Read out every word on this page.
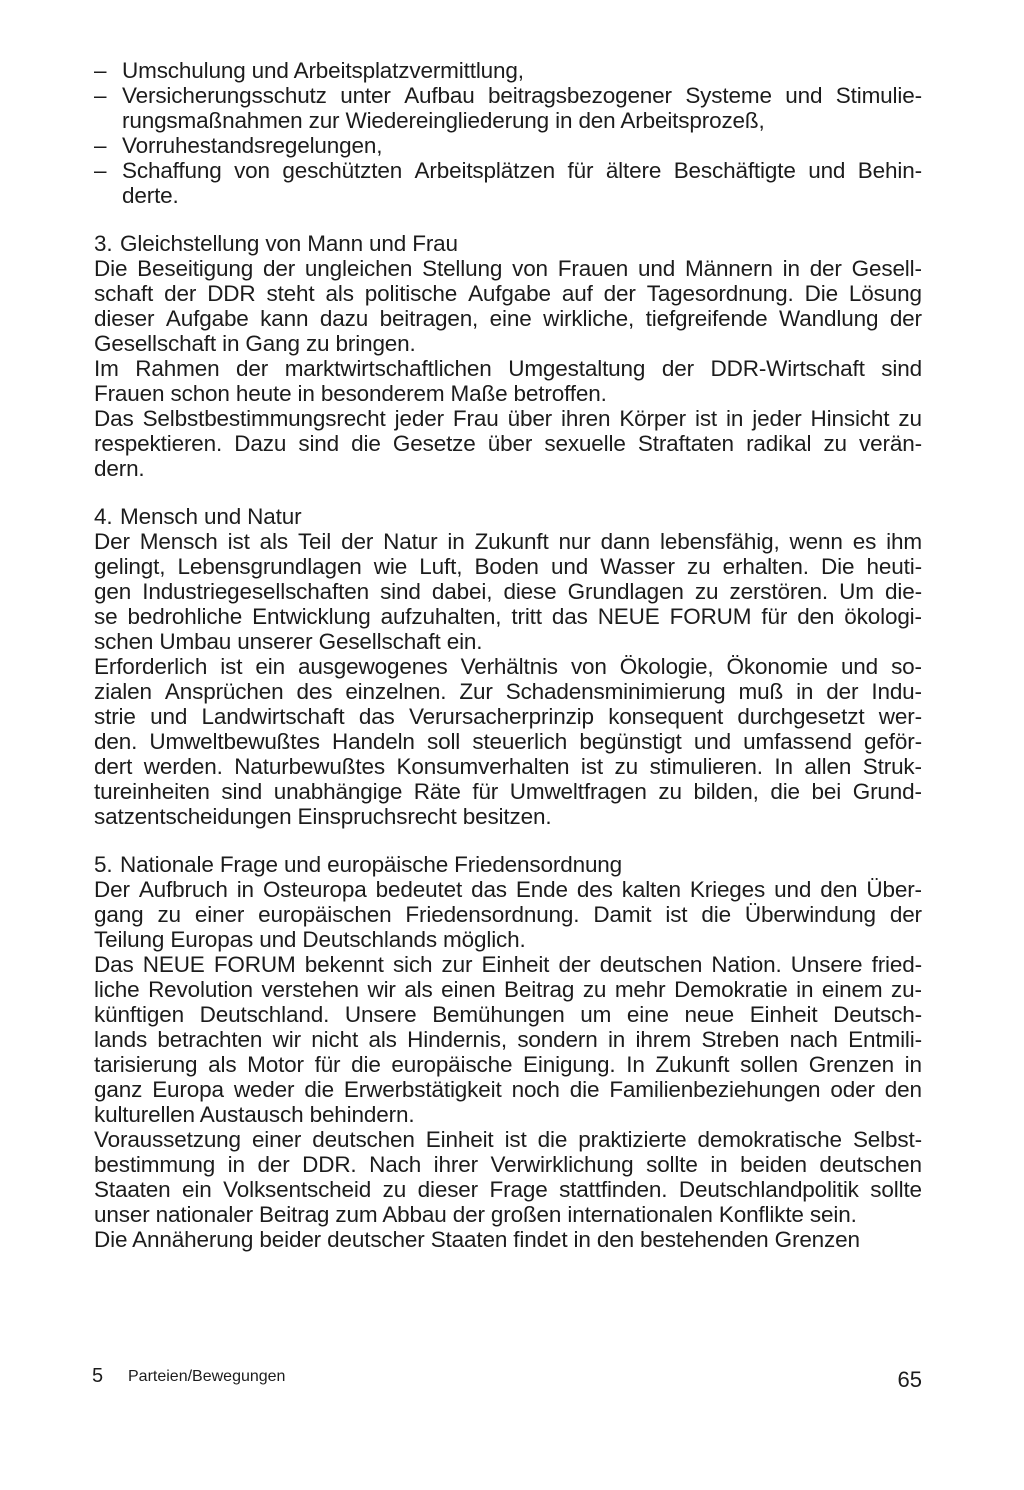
– Umschulung und Arbeitsplatzvermittlung,
– Versicherungsschutz unter Aufbau beitragsbezogener Systeme und Stimulie-
rungsmaßnahmen zur Wiedereingliederung in den Arbeitsprozeß,
– Vorruhestandsregelungen,
– Schaffung von geschützten Arbeitsplätzen für ältere Beschäftigte und Behin-
derte.
3. Gleichstellung von Mann und Frau
Die Beseitigung der ungleichen Stellung von Frauen und Männern in der Gesell-
schaft der DDR steht als politische Aufgabe auf der Tagesordnung. Die Lösung
dieser Aufgabe kann dazu beitragen, eine wirkliche, tiefgreifende Wandlung der
Gesellschaft in Gang zu bringen.
Im Rahmen der marktwirtschaftlichen Umgestaltung der DDR-Wirtschaft sind
Frauen schon heute in besonderem Maße betroffen.
Das Selbstbestimmungsrecht jeder Frau über ihren Körper ist in jeder Hinsicht zu
respektieren. Dazu sind die Gesetze über sexuelle Straftaten radikal zu verän-
dern.
4. Mensch und Natur
Der Mensch ist als Teil der Natur in Zukunft nur dann lebensfähig, wenn es ihm
gelingt, Lebensgrundlagen wie Luft, Boden und Wasser zu erhalten. Die heuti-
gen Industriegesellschaften sind dabei, diese Grundlagen zu zerstören. Um die-
se bedrohliche Entwicklung aufzuhalten, tritt das NEUE FORUM für den ökologi-
schen Umbau unserer Gesellschaft ein.
Erforderlich ist ein ausgewogenes Verhältnis von Ökologie, Ökonomie und so-
zialen Ansprüchen des einzelnen. Zur Schadensminimierung muß in der Indu-
strie und Landwirtschaft das Verursacherprinzip konsequent durchgesetzt wer-
den. Umweltbewußtes Handeln soll steuerlich begünstigt und umfassend geför-
dert werden. Naturbewußtes Konsumverhalten ist zu stimulieren. In allen Struk-
tureinheiten sind unabhängige Räte für Umweltfragen zu bilden, die bei Grund-
satzentscheidungen Einspruchsrecht besitzen.
5. Nationale Frage und europäische Friedensordnung
Der Aufbruch in Osteuropa bedeutet das Ende des kalten Krieges und den Über-
gang zu einer europäischen Friedensordnung. Damit ist die Überwindung der
Teilung Europas und Deutschlands möglich.
Das NEUE FORUM bekennt sich zur Einheit der deutschen Nation. Unsere fried-
liche Revolution verstehen wir als einen Beitrag zu mehr Demokratie in einem zu-
künftigen Deutschland. Unsere Bemühungen um eine neue Einheit Deutsch-
lands betrachten wir nicht als Hindernis, sondern in ihrem Streben nach Entmili-
tarisierung als Motor für die europäische Einigung. In Zukunft sollen Grenzen in
ganz Europa weder die Erwerbstätigkeit noch die Familienbeziehungen oder den
kulturellen Austausch behindern.
Voraussetzung einer deutschen Einheit ist die praktizierte demokratische Selbst-
bestimmung in der DDR. Nach ihrer Verwirklichung sollte in beiden deutschen
Staaten ein Volksentscheid zu dieser Frage stattfinden. Deutschlandpolitik sollte
unser nationaler Beitrag zum Abbau der großen internationalen Konflikte sein.
Die Annäherung beider deutscher Staaten findet in den bestehenden Grenzen
5 Parteien/Bewegungen	65
